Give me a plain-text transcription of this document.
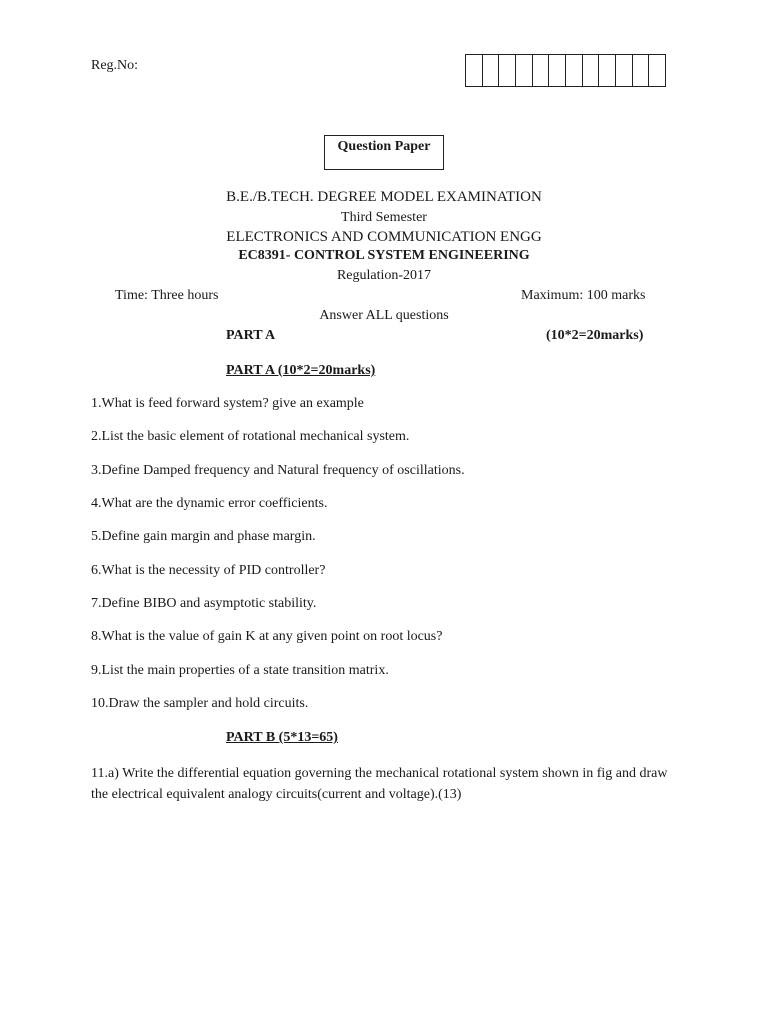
Reg.No:
Question Paper
B.E./B.TECH. DEGREE MODEL EXAMINATION
Third Semester
ELECTRONICS AND COMMUNICATION ENGG
EC8391- CONTROL SYSTEM ENGINEERING
Regulation-2017
Time: Three hours	Maximum: 100 marks
Answer ALL questions
PART A	(10*2=20marks)
PART A (10*2=20marks)
1.What is feed forward system? give an example
2.List the basic element of rotational mechanical system.
3.Define Damped frequency and Natural frequency of oscillations.
4.What are the dynamic error coefficients.
5.Define gain margin and phase margin.
6.What is the necessity of PID controller?
7.Define BIBO and asymptotic stability.
8.What is the value of gain K at any given point on root locus?
9.List the main properties of a state transition matrix.
10.Draw the sampler and hold circuits.
PART B (5*13=65)
11.a) Write the differential equation governing the mechanical rotational system shown in fig and draw the electrical equivalent analogy circuits(current and voltage).(13)
